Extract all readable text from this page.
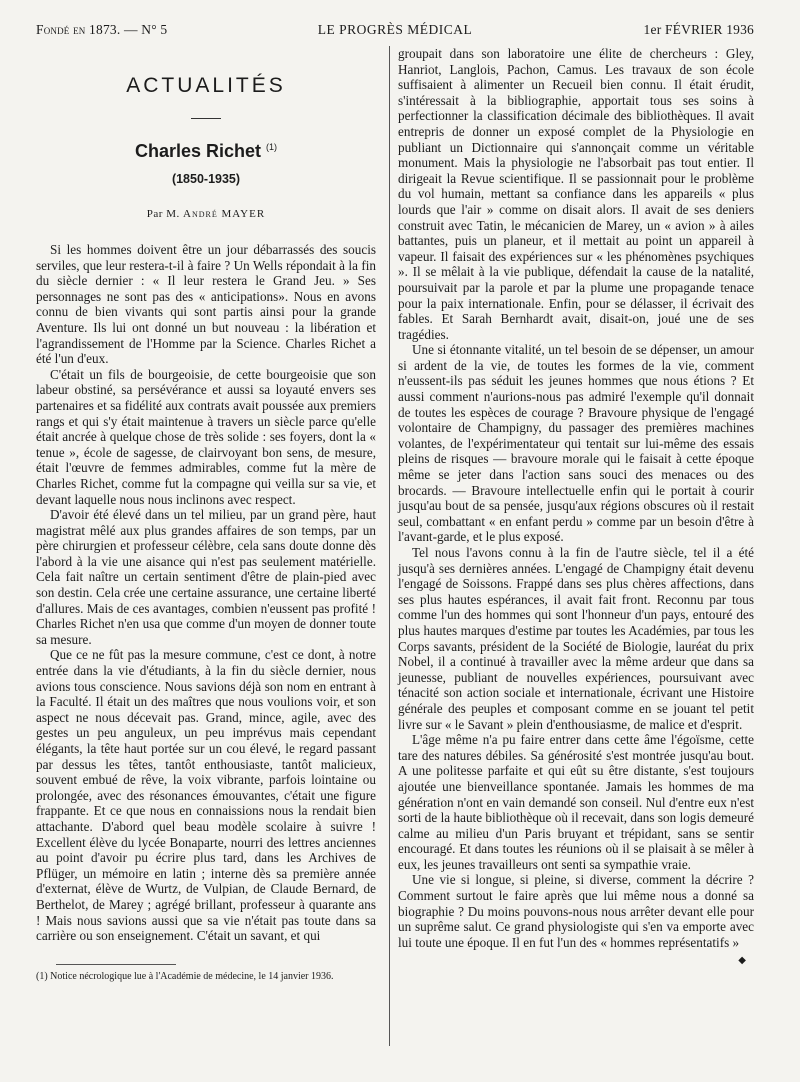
Fondé en 1873. — N° 5	LE PROGRÈS MÉDICAL	1er FÉVRIER 1936
ACTUALITÉS
Charles Richet $^{(1)}$
(1850-1935)
Par M. André MAYER

Si les hommes doivent être un jour débarrassés des soucis serviles, que leur restera-t-il à faire ? Un Wells répondait à la fin du siècle dernier : « Il leur restera le Grand Jeu. » Ses personnages ne sont pas des « anticipations». Nous en avons connu de bien vivants qui sont partis ainsi pour la grande Aventure. Ils lui ont donné un but nouveau : la libération et l'agrandissement de l'Homme par la Science. Charles Richet a été l'un d'eux.

C'était un fils de bourgeoisie, de cette bourgeoisie que son labeur obstiné, sa persévérance et aussi sa loyauté envers ses partenaires et sa fidélité aux contrats avait poussée aux premiers rangs et qui s'y était maintenue à travers un siècle parce qu'elle était ancrée à quelque chose de très solide : ses foyers, dont la « tenue », école de sagesse, de clairvoyant bon sens, de mesure, était l'œuvre de femmes admirables, comme fut la mère de Charles Richet, comme fut la compagne qui veilla sur sa vie, et devant laquelle nous nous inclinons avec respect.

D'avoir été élevé dans un tel milieu, par un grand père, haut magistrat mêlé aux plus grandes affaires de son temps, par un père chirurgien et professeur célèbre, cela sans doute donne dès l'abord à la vie une aisance qui n'est pas seulement matérielle. Cela fait naître un certain sentiment d'être de plain-pied avec son destin. Cela crée une certaine assurance, une certaine liberté d'allures. Mais de ces avantages, combien n'eussent pas profité ! Charles Richet n'en usa que comme d'un moyen de donner toute sa mesure.

Que ce ne fût pas la mesure commune, c'est ce dont, à notre entrée dans la vie d'étudiants, à la fin du siècle dernier, nous avions tous conscience. Nous savions déjà son nom en entrant à la Faculté. Il était un des maîtres que nous voulions voir, et son aspect ne nous décevait pas. Grand, mince, agile, avec des gestes un peu anguleux, un peu imprévus mais cependant élégants, la tête haut portée sur un cou élevé, le regard passant par dessus les têtes, tantôt enthousiaste, tantôt malicieux, souvent embué de rêve, la voix vibrante, parfois lointaine ou prolongée, avec des résonances émouvantes, c'était une figure frappante. Et ce que nous en connaissions nous la rendait bien attachante. D'abord quel beau modèle scolaire à suivre ! Excellent élève du lycée Bonaparte, nourri des lettres anciennes au point d'avoir pu écrire plus tard, dans les Archives de Pflüger, un mémoire en latin ; interne dès sa première année d'externat, élève de Wurtz, de Vulpian, de Claude Bernard, de Berthelot, de Marey ; agrégé brillant, professeur à quarante ans ! Mais nous savions aussi que sa vie n'était pas toute dans sa carrière ou son enseignement. C'était un savant, et qui

(1) Notice nécrologique lue à l'Académie de médecine, le 14 janvier 1936.

groupait dans son laboratoire une élite de chercheurs : Gley, Hanriot, Langlois, Pachon, Camus. Les travaux de son école suffisaient à alimenter un Recueil bien connu. Il était érudit, s'intéressait à la bibliographie, apportait tous ses soins à perfectionner la classification décimale des bibliothèques. Il avait entrepris de donner un exposé complet de la Physiologie en publiant un Dictionnaire qui s'annonçait comme un véritable monument. Mais la physiologie ne l'absorbait pas tout entier. Il dirigeait la Revue scientifique. Il se passionnait pour le problème du vol humain, mettant sa confiance dans les appareils « plus lourds que l'air » comme on disait alors. Il avait de ses deniers construit avec Tatin, le mécanicien de Marey, un « avion » à ailes battantes, puis un planeur, et il mettait au point un appareil à vapeur. Il faisait des expériences sur « les phénomènes psychiques ». Il se mêlait à la vie publique, défendait la cause de la natalité, poursuivait par la parole et par la plume une propagande tenace pour la paix internationale. Enfin, pour se délasser, il écrivait des fables. Et Sarah Bernhardt avait, disait-on, joué une de ses tragédies.

Une si étonnante vitalité, un tel besoin de se dépenser, un amour si ardent de la vie, de toutes les formes de la vie, comment n'eussent-ils pas séduit les jeunes hommes que nous étions ? Et aussi comment n'aurions-nous pas admiré l'exemple qu'il donnait de toutes les espèces de courage ? Bravoure physique de l'engagé volontaire de Champigny, du passager des premières machines volantes, de l'expérimentateur qui tentait sur lui-même des essais pleins de risques — bravoure morale qui le faisait à cette époque même se jeter dans l'action sans souci des menaces ou des brocards. — Bravoure intellectuelle enfin qui le portait à courir jusqu'au bout de sa pensée, jusqu'aux régions obscures où il restait seul, combattant « en enfant perdu » comme par un besoin d'être à l'avant-garde, et le plus exposé.

Tel nous l'avons connu à la fin de l'autre siècle, tel il a été jusqu'à ses dernières années. L'engagé de Champigny était devenu l'engagé de Soissons. Frappé dans ses plus chères affections, dans ses plus hautes espérances, il avait fait front. Reconnu par tous comme l'un des hommes qui sont l'honneur d'un pays, entouré des plus hautes marques d'estime par toutes les Académies, par tous les Corps savants, président de la Société de Biologie, lauréat du prix Nobel, il a continué à travailler avec la même ardeur que dans sa jeunesse, publiant de nouvelles expériences, poursuivant avec ténacité son action sociale et internationale, écrivant une Histoire générale des peuples et composant comme en se jouant tel petit livre sur « le Savant » plein d'enthousiasme, de malice et d'esprit.

L'âge même n'a pu faire entrer dans cette âme l'égoïsme, cette tare des natures débiles. Sa générosité s'est montrée jusqu'au bout. A une politesse parfaite et qui eût su être distante, s'est toujours ajoutée une bienveillance spontanée. Jamais les hommes de ma génération n'ont en vain demandé son conseil. Nul d'entre eux n'est sorti de la haute bibliothèque où il recevait, dans son logis demeuré calme au milieu d'un Paris bruyant et trépidant, sans se sentir encouragé. Et dans toutes les réunions où il se plaisait à se mêler à eux, les jeunes travailleurs ont senti sa sympathie vraie.

Une vie si longue, si pleine, si diverse, comment la décrire ? Comment surtout le faire après que lui même nous a donné sa biographie ? Du moins pouvons-nous nous arrêter devant elle pour un suprême salut. Ce grand physiologiste qui s'en va emporte avec lui toute une époque. Il en fut l'un des « hommes représentatifs »

◆
